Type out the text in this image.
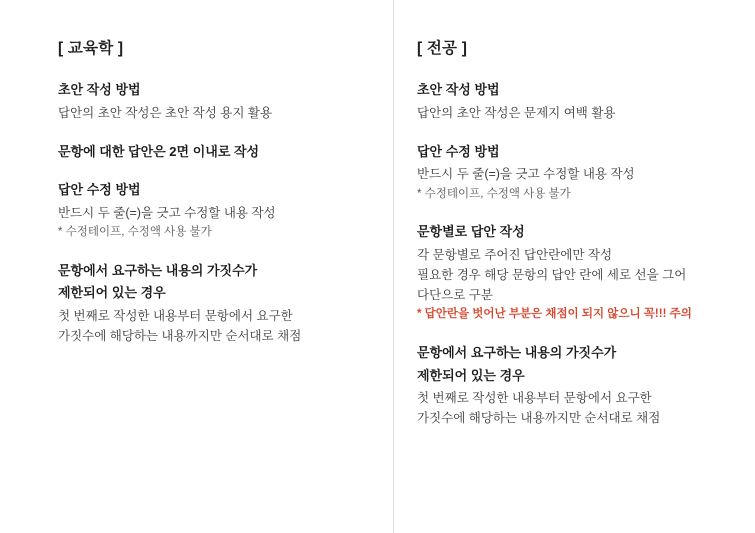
[ 교육학 ]
초안 작성 방법
답안의 초안 작성은 초안 작성 용지 활용
문항에 대한 답안은 2면 이내로 작성
답안 수정 방법
반드시 두 줄(=)을 긋고 수정할 내용 작성
* 수정테이프, 수정액 사용 불가
문항에서 요구하는 내용의 가짓수가
제한되어 있는 경우
첫 번째로 작성한 내용부터 문항에서 요구한
가짓수에 해당하는 내용까지만 순서대로 채점
[ 전공 ]
초안 작성 방법
답안의 초안 작성은 문제지 여백 활용
답안 수정 방법
반드시 두 줄(=)을 긋고 수정할 내용 작성
* 수정테이프, 수정액 사용 불가
문항별로 답안 작성
각 문항별로 주어진 답안란에만 작성
필요한 경우 해당 문항의 답안 란에 세로 선을 그어
다단으로 구분
* 답안란을 벗어난 부분은 채점이 되지 않으니 꼭!!! 주의
문항에서 요구하는 내용의 가짓수가
제한되어 있는 경우
첫 번째로 작성한 내용부터 문항에서 요구한
가짓수에 해당하는 내용까지만 순서대로 채점
